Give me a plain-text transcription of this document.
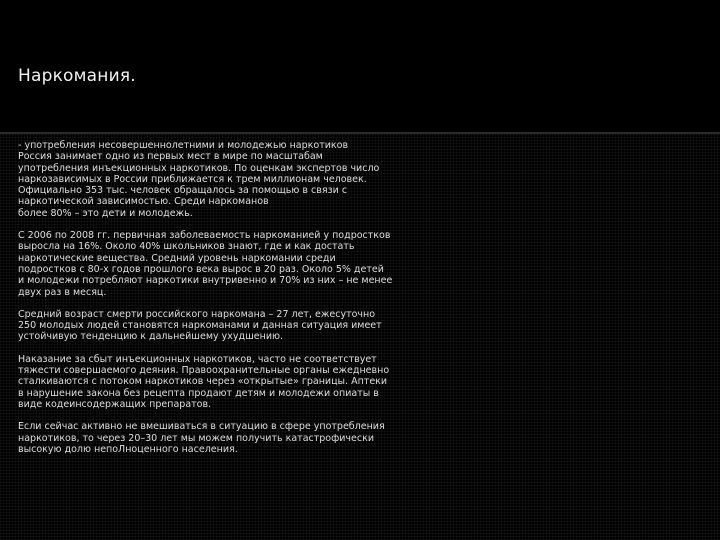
Наркомания.

- употребления несовершеннолетними и молодежью наркотиков
Россия занимает одно из первых мест в мире по масштабам
употребления инъекционных наркотиков. По оценкам экспертов число
наркозависимых в России приближается к трем миллионам человек.
Официально 353 тыс. человек обращалось за помощью в связи с
наркотической зависимостью. Среди наркоманов
более 80% – это дети и молодежь.

С 2006 по 2008 гг. первичная заболеваемость наркоманией у подростков
выросла на 16%. Около 40% школьников знают, где и как достать
наркотические вещества. Средний уровень наркомании среди
подростков с 80-х годов прошлого века вырос в 20 раз. Около 5% детей
и молодежи потребляют наркотики внутривенно и 70% из них – не менее
двух раз в месяц.

Средний возраст смерти российского наркомана – 27 лет, ежесуточно
250 молодых людей становятся наркоманами и данная ситуация имеет
устойчивую тенденцию к дальнейшему ухудшению.

Наказание за сбыт инъекционных наркотиков, часто не соответствует
тяжести совершаемого деяния. Правоохранительные органы ежедневно
сталкиваются с потоком наркотиков через «открытые» границы. Аптеки
в нарушение закона без рецепта продают детям и молодежи опиаты в
виде кодеинсодержащих препаратов.

Если сейчас активно не вмешиваться в ситуацию в сфере употребления
наркотиков, то через 20–30 лет мы можем получить катастрофически
высокую долю непоЛноценного населения.
